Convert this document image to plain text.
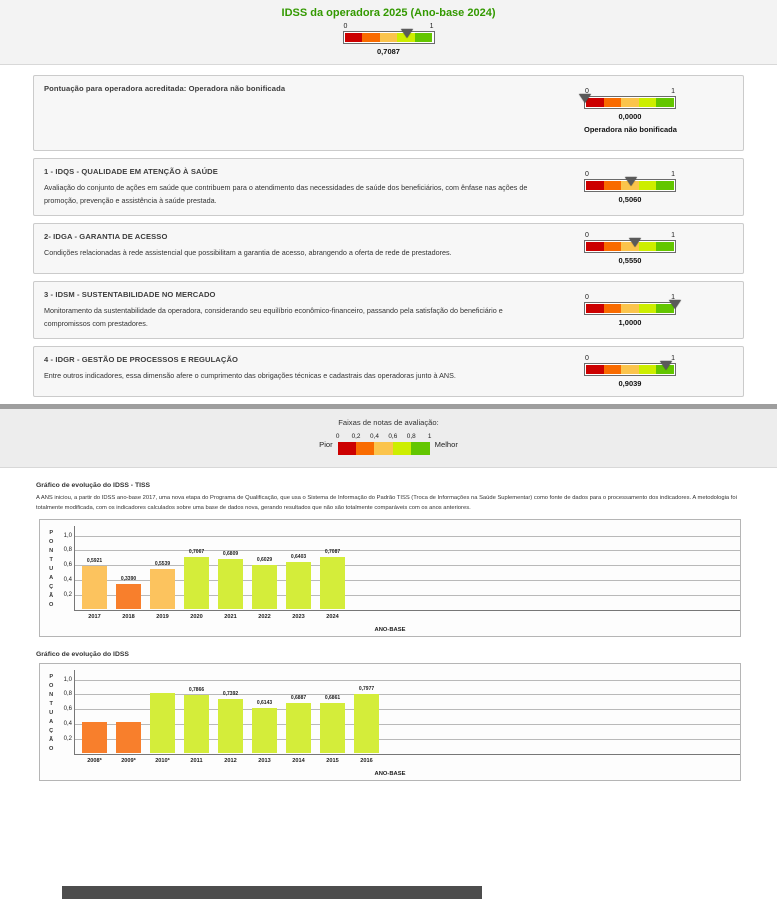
IDSS da operadora 2025 (Ano-base 2024)
0	1
0,7087
Pontuação para operadora acreditada: Operadora não bonificada	0	1
0,0000
Operadora não bonificada
1 - IDQS - QUALIDADE EM ATENÇÃO À SAÚDE
Avaliação do conjunto de ações em saúde que contribuem para o atendimento das necessidades de saúde dos beneficiários, com ênfase nas ações de promoção, prevenção e assistência à saúde prestada.
0	1
0,5060
2- IDGA - GARANTIA DE ACESSO
Condições relacionadas à rede assistencial que possibilitam a garantia de acesso, abrangendo a oferta de rede de prestadores.
0	1
0,5550
3 - IDSM - SUSTENTABILIDADE NO MERCADO
Monitoramento da sustentabilidade da operadora, considerando seu equilíbrio econômico-financeiro, passando pela satisfação do beneficiário e compromissos com prestadores.
0	1
1,0000
4 - IDGR - GESTÃO DE PROCESSOS E REGULAÇÃO
Entre outros indicadores, essa dimensão afere o cumprimento das obrigações técnicas e cadastrais das operadoras junto à ANS.
0	1
0,9039
Faixas de notas de avaliação:
Pior
0 0,2 0,4 0,6 0,8 1
Melhor
Gráfico de evolução do IDSS - TISS
A ANS iniciou, a partir do IDSS ano-base 2017, uma nova etapa do Programa de Qualificação, que usa o Sistema de Informação do Padrão TISS (Troca de Informações na Saúde Suplementar) como fonte de dados para o processamento dos indicadores. A metodologia foi totalmente modificada, com os indicadores calculados sobre uma base de dados nova, gerando resultados que não são totalmente comparáveis com os anos anteriores.
1,0
0,8
0,6
0,4
0,2
P
O
N
T
U
A
Ç
Ã
O
0,5921
2017
0,3390
2018
0,5539
2019
0,7067
2020
0,6809
2021
0,6029
2022
0,6403
2023
0,7087
2024
ANO-BASE
Gráfico de evolução do IDSS
1,0
0,8
0,6
0,4
0,2
P
O
N
T
U
A
Ç
Ã
O
2008*	2009*	2010*
0,7866
2011
0,7392
2012
0,6143
2013
0,6887
2014
0,6861
2015
0,7977
2016
ANO-BASE
